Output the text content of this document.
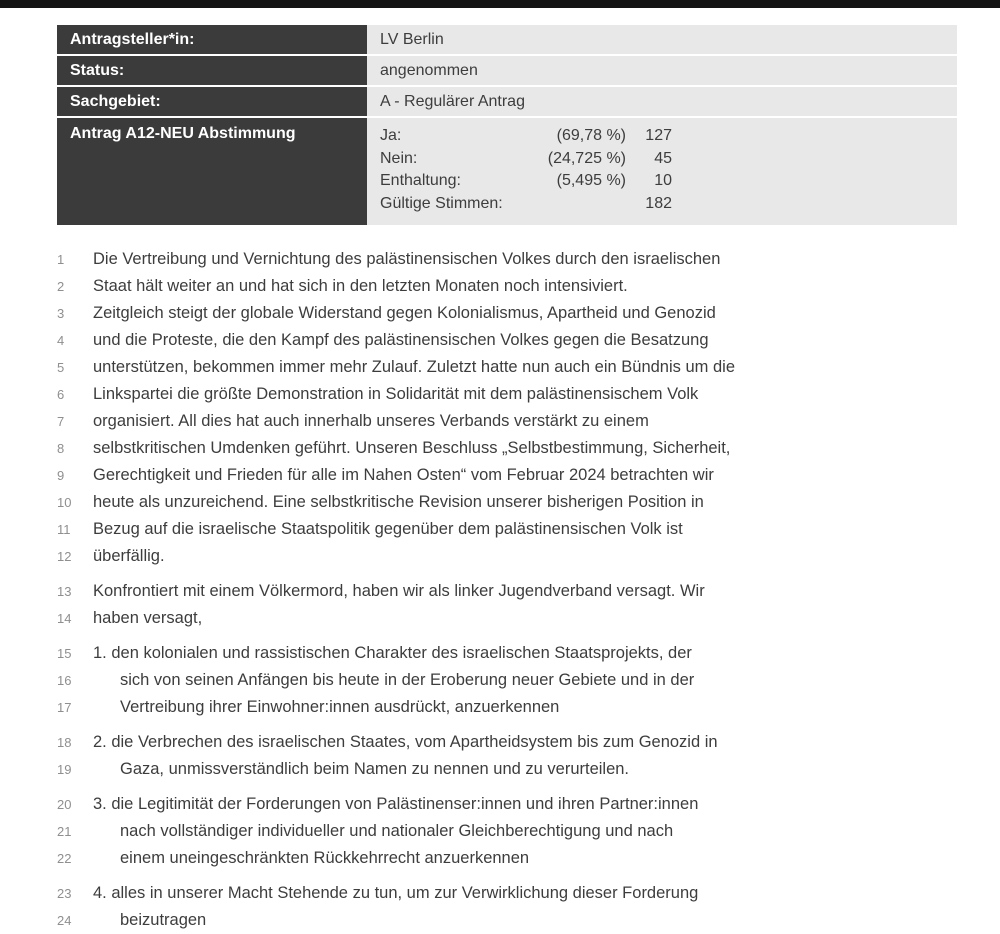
Antragsteller*in:	LV Berlin
Status:	angenommen
Sachgebiet:	A - Regulärer Antrag
Antrag A12-NEU Abstimmung	Ja:	(69,78 %)	127
Nein:	(24,725 %)	45
Enthaltung:	(5,495 %)	10
Gültige Stimmen:	182
1	Die Vertreibung und Vernichtung des palästinensischen Volkes durch den israelischen
2	Staat hält weiter an und hat sich in den letzten Monaten noch intensiviert.
3	Zeitgleich steigt der globale Widerstand gegen Kolonialismus, Apartheid und Genozid
4	und die Proteste, die den Kampf des palästinensischen Volkes gegen die Besatzung
5	unterstützen, bekommen immer mehr Zulauf. Zuletzt hatte nun auch ein Bündnis um die
6	Linkspartei die größte Demonstration in Solidarität mit dem palästinensischem Volk
7	organisiert. All dies hat auch innerhalb unseres Verbands verstärkt zu einem
8	selbstkritischen Umdenken geführt. Unseren Beschluss „Selbstbestimmung, Sicherheit,
9	Gerechtigkeit und Frieden für alle im Nahen Osten“ vom Februar 2024 betrachten wir
10	heute als unzureichend. Eine selbstkritische Revision unserer bisherigen Position in
11	Bezug auf die israelische Staatspolitik gegenüber dem palästinensischen Volk ist
12	überfällig.
13	Konfrontiert mit einem Völkermord, haben wir als linker Jugendverband versagt. Wir
14	haben versagt,
15	1. den kolonialen und rassistischen Charakter des israelischen Staatsprojekts, der
16	sich von seinen Anfängen bis heute in der Eroberung neuer Gebiete und in der
17	Vertreibung ihrer Einwohner:innen ausdrückt, anzuerkennen
18	2. die Verbrechen des israelischen Staates, vom Apartheidsystem bis zum Genozid in
19	Gaza, unmissverständlich beim Namen zu nennen und zu verurteilen.
20	3. die Legitimität der Forderungen von Palästinenser:innen und ihren Partner:innen
21	nach vollständiger individueller und nationaler Gleichberechtigung und nach
22	einem uneingeschränkten Rückkehrrecht anzuerkennen
23	4. alles in unserer Macht Stehende zu tun, um zur Verwirklichung dieser Forderung
24	beizutragen
